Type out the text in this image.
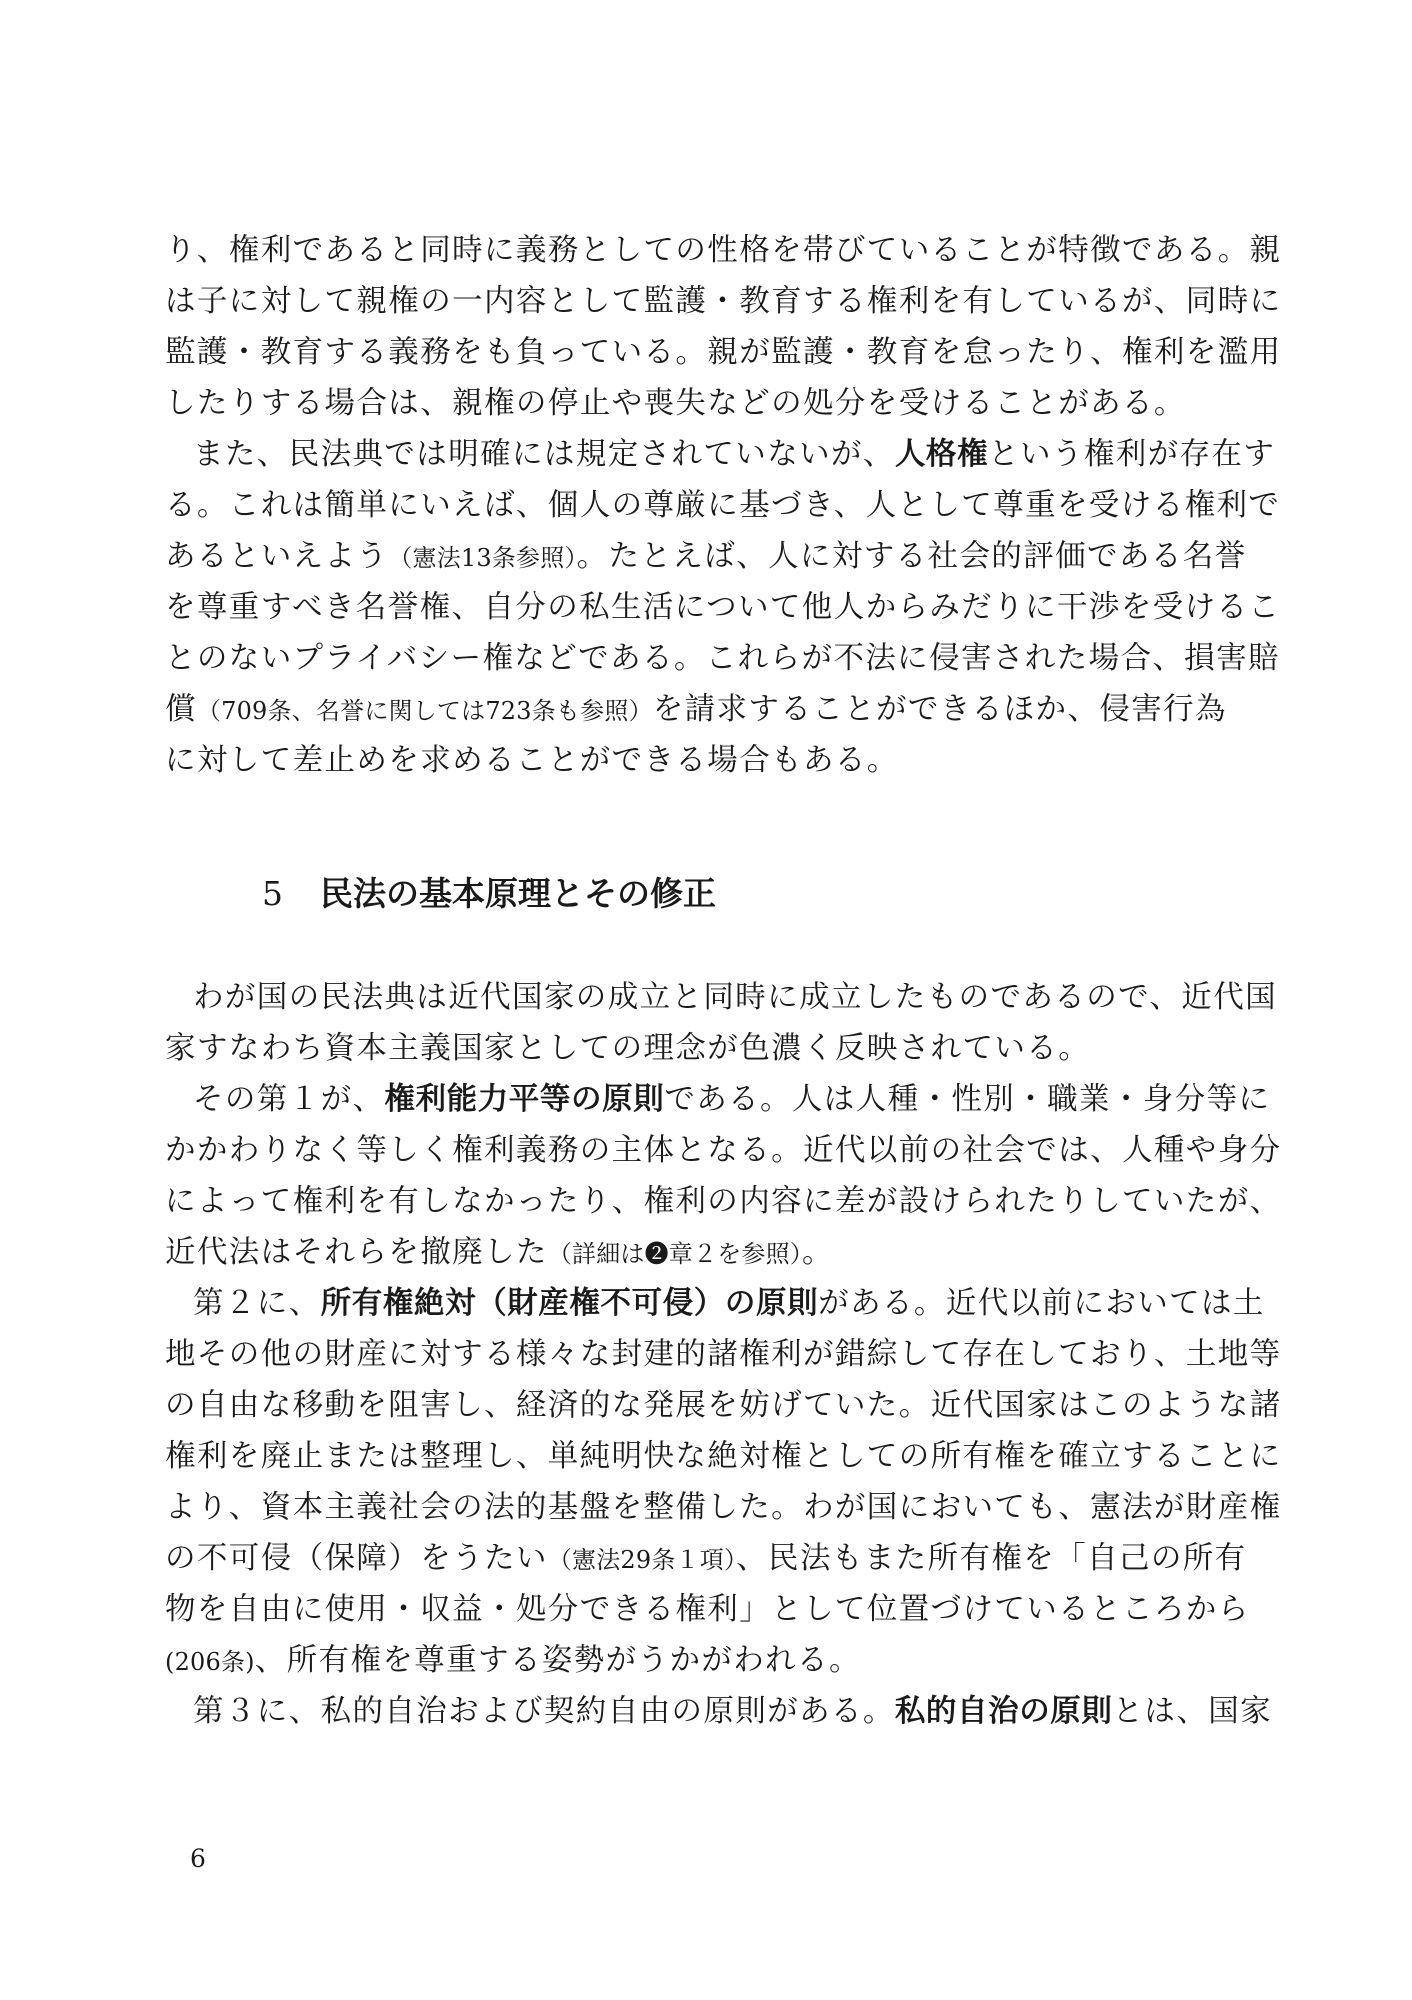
り、権利であると同時に義務としての性格を帯びていることが特徴である。親
は子に対して親権の一内容として監護・教育する権利を有しているが、同時に
監護・教育する義務をも負っている。親が監護・教育を怠ったり、権利を濫用
したりする場合は、親権の停止や喪失などの処分を受けることがある。
また、民法典では明確には規定されていないが、人格権という権利が存在す
る。これは簡単にいえば、個人の尊厳に基づき、人として尊重を受ける権利で
あるといえよう（憲法13条参照）。たとえば、人に対する社会的評価である名誉
を尊重すべき名誉権、自分の私生活について他人からみだりに干渉を受けるこ
とのないプライバシー権などである。これらが不法に侵害された場合、損害賠
償（709条、名誉に関しては723条も参照）を請求することができるほか、侵害行為
に対して差止めを求めることができる場合もある。
5 民法の基本原理とその修正
わが国の民法典は近代国家の成立と同時に成立したものであるので、近代国
家すなわち資本主義国家としての理念が色濃く反映されている。
その第１が、権利能力平等の原則である。人は人種・性別・職業・身分等に
かかわりなく等しく権利義務の主体となる。近代以前の社会では、人種や身分
によって権利を有しなかったり、権利の内容に差が設けられたりしていたが、
近代法はそれらを撤廃した（詳細は❷章２を参照）。
第２に、所有権絶対（財産権不可侵）の原則がある。近代以前においては土
地その他の財産に対する様々な封建的諸権利が錯綜して存在しており、土地等
の自由な移動を阻害し、経済的な発展を妨げていた。近代国家はこのような諸
権利を廃止または整理し、単純明快な絶対権としての所有権を確立することに
より、資本主義社会の法的基盤を整備した。わが国においても、憲法が財産権
の不可侵（保障）をうたい（憲法29条１項）、民法もまた所有権を「自己の所有
物を自由に使用・収益・処分できる権利」として位置づけているところから
(206条)、所有権を尊重する姿勢がうかがわれる。
第３に、私的自治および契約自由の原則がある。私的自治の原則とは、国家
6
